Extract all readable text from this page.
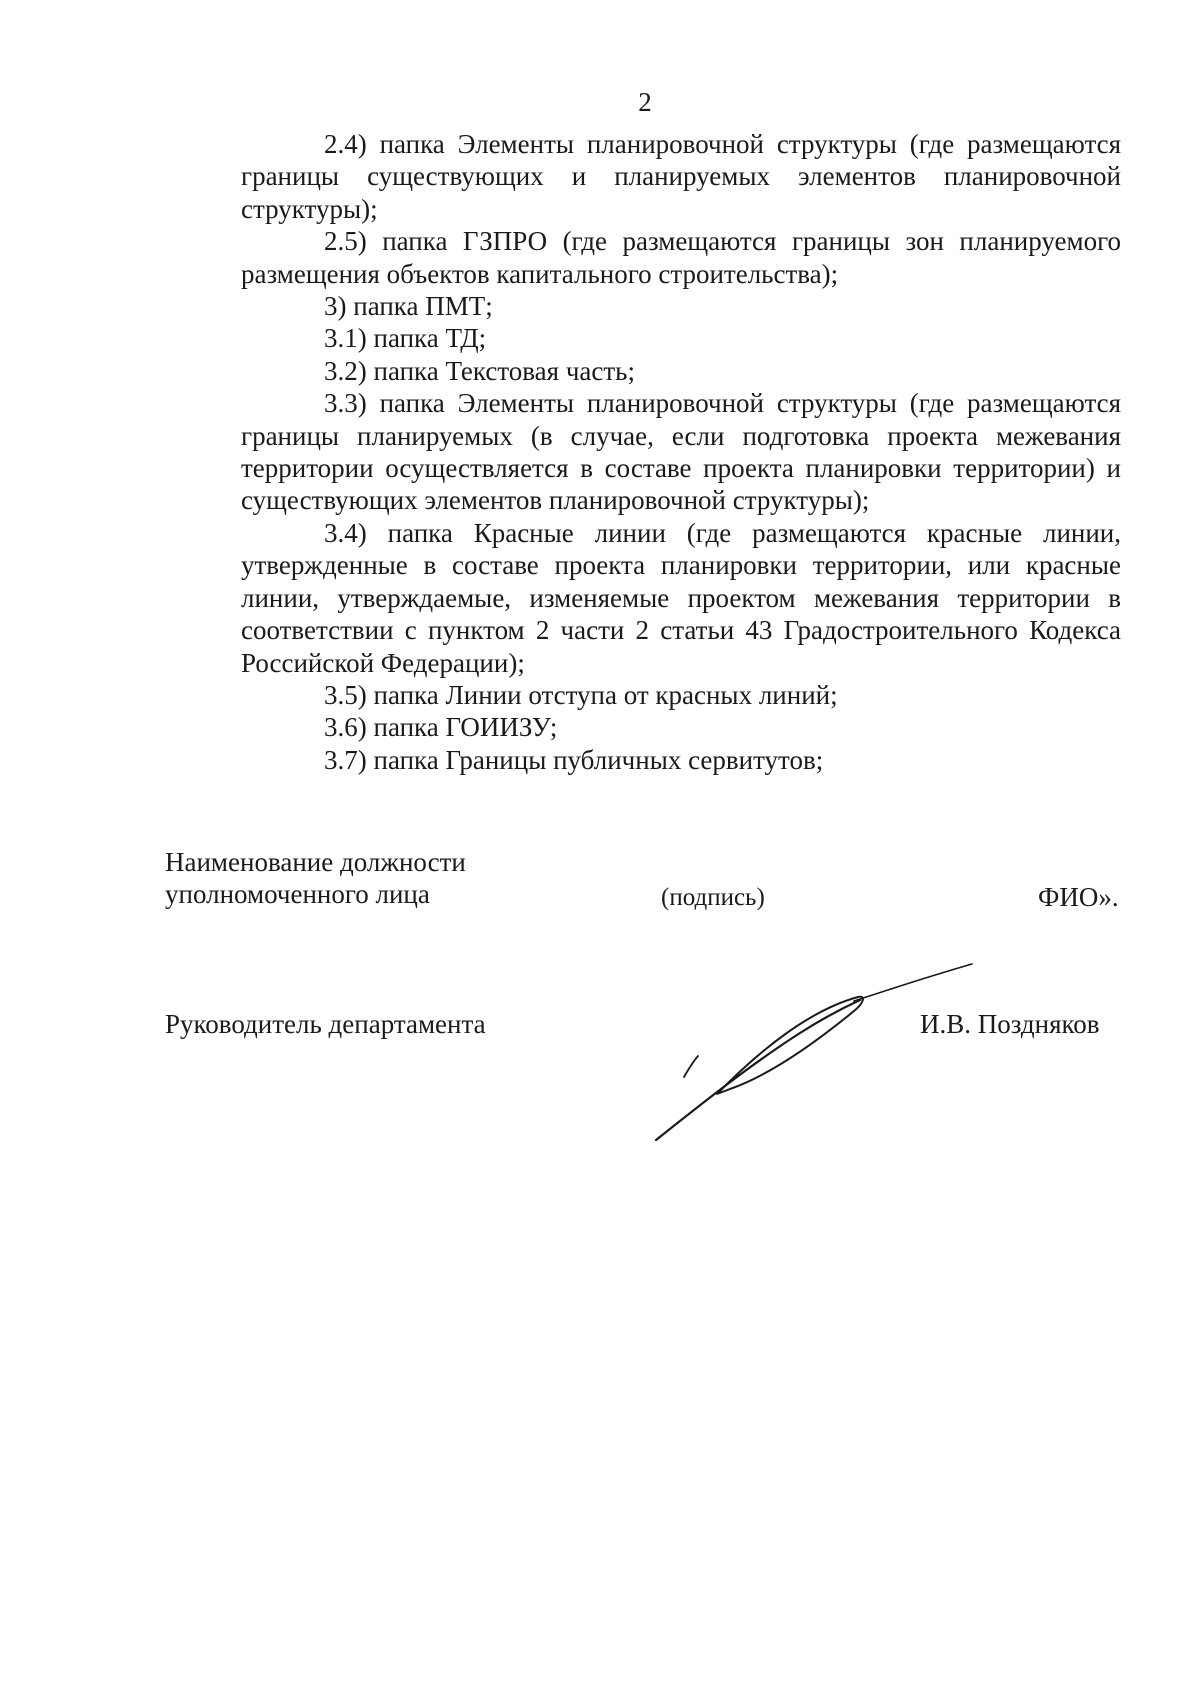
2

2.4) папка Элементы планировочной структуры (где размещаются границы существующих и планируемых элементов планировочной структуры);

2.5) папка ГЗПРО (где размещаются границы зон планируемого размещения объектов капитального строительства);

3) папка ПМТ;

3.1) папка ТД;

3.2) папка Текстовая часть;

3.3) папка Элементы планировочной структуры (где размещаются границы планируемых (в случае, если подготовка проекта межевания территории осуществляется в составе проекта планировки территории) и существующих элементов планировочной структуры);

3.4) папка Красные линии (где размещаются красные линии, утвержденные в составе проекта планировки территории, или красные линии, утверждаемые, изменяемые проектом межевания территории в соответствии с пунктом 2 части 2 статьи 43 Градостроительного Кодекса Российской Федерации);

3.5) папка Линии отступа от красных линий;

3.6) папка ГОИИЗУ;

3.7) папка Границы публичных сервитутов;

Наименование должности
уполномоченного лица	(подпись)	ФИО».
Руководитель департамента	И.В. Поздняков
